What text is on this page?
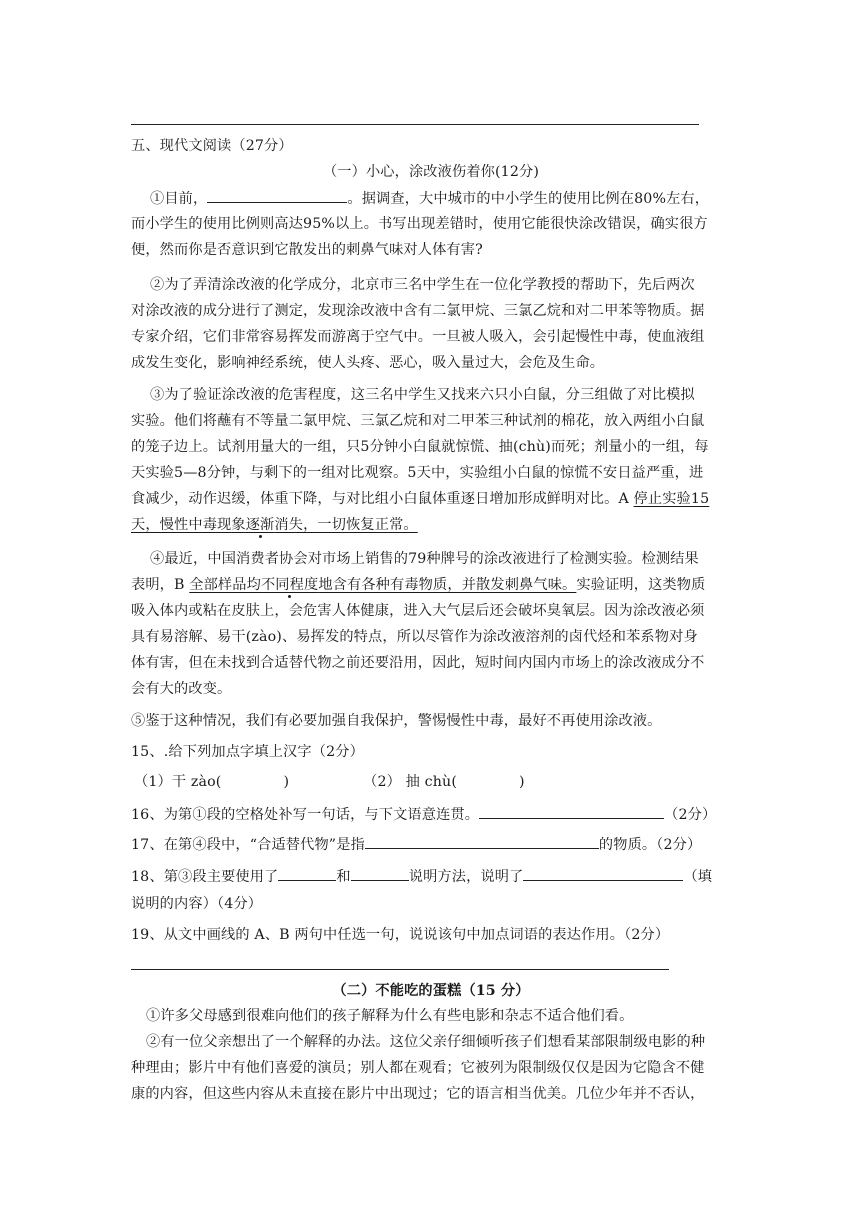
五、现代文阅读（27分）
（一）小心，涂改液伤着你(12分)
①目前，	。据调查，大中城市的中小学生的使用比例在80%左右，
而小学生的使用比例则高达95%以上。书写出现差错时，使用它能很快涂改错误，确实很方
便，然而你是否意识到它散发出的刺鼻气味对人体有害?
②为了弄清涂改液的化学成分，北京市三名中学生在一位化学教授的帮助下，先后两次
对涂改液的成分进行了测定，发现涂改液中含有二氯甲烷、三氯乙烷和对二甲苯等物质。据
专家介绍，它们非常容易挥发而游离于空气中。一旦被人吸入，会引起慢性中毒，使血液组
成发生变化，影响神经系统，使人头疼、恶心，吸入量过大，会危及生命。
③为了验证涂改液的危害程度，这三名中学生又找来六只小白鼠，分三组做了对比模拟
实验。他们将蘸有不等量二氯甲烷、三氯乙烷和对二甲苯三种试剂的棉花，放入两组小白鼠
的笼子边上。试剂用量大的一组，只5分钟小白鼠就惊慌、抽(chù)而死；剂量小的一组，每
天实验5—8分钟，与剩下的一组对比观察。5天中，实验组小白鼠的惊慌不安日益严重，进
食减少，动作迟缓，体重下降，与对比组小白鼠体重逐日增加形成鲜明对比。A 停止实验15
天，慢性中毒现象逐渐消失，一切恢复正常。
④最近，中国消费者协会对市场上销售的79种牌号的涂改液进行了检测实验。检测结果
表明，B 全部样品均不同程度地含有各种有毒物质，并散发刺鼻气味。实验证明，这类物质
吸入体内或粘在皮肤上，会危害人体健康，进入大气层后还会破坏臭氧层。因为涂改液必须
具有易溶解、易干(zào)、易挥发的特点，所以尽管作为涂改液溶剂的卤代烃和苯系物对身
体有害，但在未找到合适替代物之前还要沿用，因此，短时间内国内市场上的涂改液成分不
会有大的改变。
⑤鉴于这种情况，我们有必要加强自我保护，警惕慢性中毒，最好不再使用涂改液。
15、.给下列加点字填上汉字（2分）
（1）干 zào(	)	（2） 抽 chù(	)
16、为第①段的空格处补写一句话，与下文语意连贯。	（2分）
17、在第④段中，“合适替代物”是指	的物质。（2分）
18、第③段主要使用了	和	说明方法，说明了	（填
说明的内容）（4分）
19、从文中画线的 A、B 两句中任选一句，说说该句中加点词语的表达作用。（2分）
（二）不能吃的蛋糕（15 分）
①许多父母感到很难向他们的孩子解释为什么有些电影和杂志不适合他们看。
②有一位父亲想出了一个解释的办法。这位父亲仔细倾听孩子们想看某部限制级电影的种
种理由；影片中有他们喜爱的演员；别人都在观看；它被列为限制级仅仅是因为它隐含不健
康的内容，但这些内容从未直接在影片中出现过；它的语言相当优美。几位少年并不否认，
